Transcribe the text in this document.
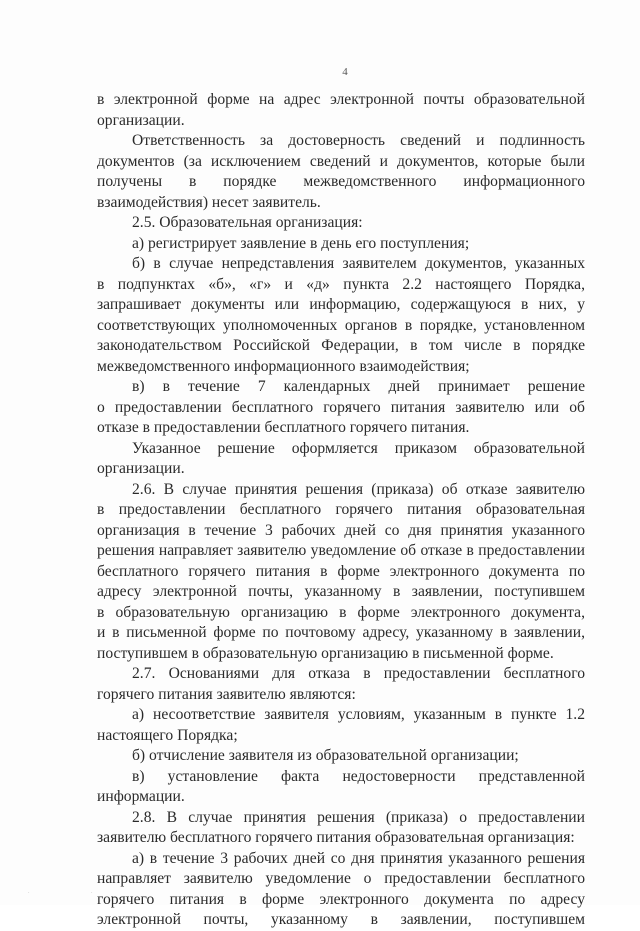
4
в электронной форме на адрес электронной почты образовательной
организации.
Ответственность за достоверность сведений и подлинность
документов (за исключением сведений и документов, которые были
получены в порядке межведомственного информационного
взаимодействия) несет заявитель.
2.5. Образовательная организация:
а) регистрирует заявление в день его поступления;
б) в случае непредставления заявителем документов, указанных
в подпунктах «б», «г» и «д» пункта 2.2 настоящего Порядка,
запрашивает документы или информацию, содержащуюся в них, у
соответствующих уполномоченных органов в порядке, установленном
законодательством Российской Федерации, в том числе в порядке
межведомственного информационного взаимодействия;
в) в течение 7 календарных дней принимает решение
о предоставлении бесплатного горячего питания заявителю или об
отказе в предоставлении бесплатного горячего питания.
Указанное решение оформляется приказом образовательной
организации.
2.6. В случае принятия решения (приказа) об отказе заявителю
в предоставлении бесплатного горячего питания образовательная
организация в течение 3 рабочих дней со дня принятия указанного
решения направляет заявителю уведомление об отказе в предоставлении
бесплатного горячего питания в форме электронного документа по
адресу электронной почты, указанному в заявлении, поступившем
в образовательную организацию в форме электронного документа,
и в письменной форме по почтовому адресу, указанному в заявлении,
поступившем в образовательную организацию в письменной форме.
2.7. Основаниями для отказа в предоставлении бесплатного
горячего питания заявителю являются:
а) несоответствие заявителя условиям, указанным в пункте 1.2
настоящего Порядка;
б) отчисление заявителя из образовательной организации;
в) установление факта недостоверности представленной
информации.
2.8. В случае принятия решения (приказа) о предоставлении
заявителю бесплатного горячего питания образовательная организация:
а) в течение 3 рабочих дней со дня принятия указанного решения
направляет заявителю уведомление о предоставлении бесплатного
горячего питания в форме электронного документа по адресу
электронной почты, указанному в заявлении, поступившем
. .
